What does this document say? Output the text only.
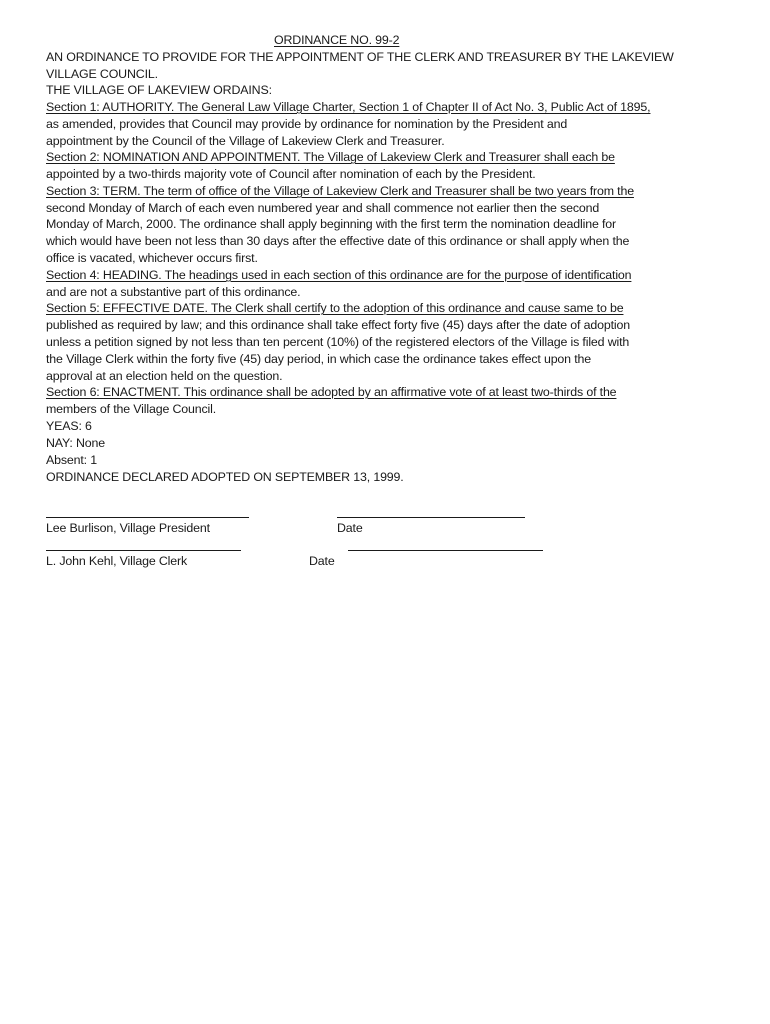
ORDINANCE NO. 99-2
AN ORDINANCE TO PROVIDE FOR THE APPOINTMENT OF THE CLERK AND TREASURER BY THE LAKEVIEW
VILLAGE COUNCIL.
THE VILLAGE OF LAKEVIEW ORDAINS:
Section 1: AUTHORITY. The General Law Village Charter, Section 1 of Chapter II of Act No. 3, Public Act of 1895,
as amended, provides that Council may provide by ordinance for nomination by the President and
appointment by the Council of the Village of Lakeview Clerk and Treasurer.
Section 2: NOMINATION AND APPOINTMENT. The Village of Lakeview Clerk and Treasurer shall each be
appointed by a two-thirds majority vote of Council after nomination of each by the President.
Section 3: TERM. The term of office of the Village of Lakeview Clerk and Treasurer shall be two years from the
second Monday of March of each even numbered year and shall commence not earlier then the second
Monday of March, 2000. The ordinance shall apply beginning with the first term the nomination deadline for
which would have been not less than 30 days after the effective date of this ordinance or shall apply when the
office is vacated, whichever occurs first.
Section 4: HEADING. The headings used in each section of this ordinance are for the purpose of identification
and are not a substantive part of this ordinance.
Section 5: EFFECTIVE DATE. The Clerk shall certify to the adoption of this ordinance and cause same to be
published as required by law; and this ordinance shall take effect forty five (45) days after the date of adoption
unless a petition signed by not less than ten percent (10%) of the registered electors of the Village is filed with
the Village Clerk within the forty five (45) day period, in which case the ordinance takes effect upon the
approval at an election held on the question.
Section 6: ENACTMENT. This ordinance shall be adopted by an affirmative vote of at least two-thirds of the
members of the Village Council.
YEAS: 6
NAY: None
Absent: 1
ORDINANCE DECLARED ADOPTED ON SEPTEMBER 13, 1999.
Lee Burlison, Village President	Date
L. John Kehl, Village Clerk	Date
